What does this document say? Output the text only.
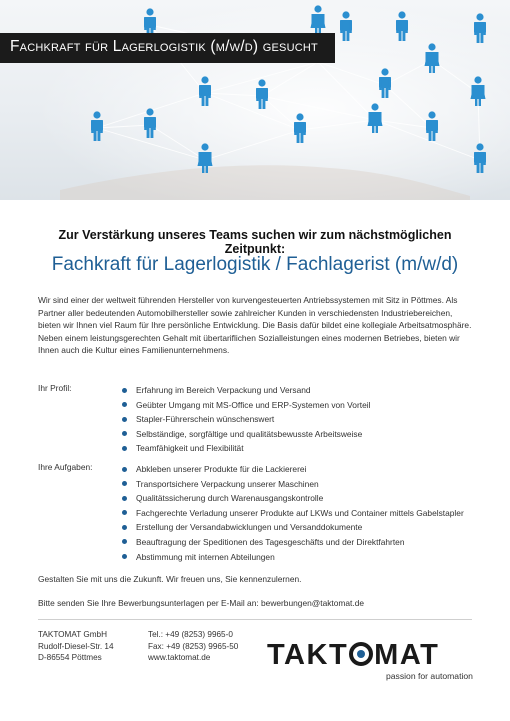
Fachkraft für Lagerlogistik (m/w/d) gesucht
Zur Verstärkung unseres Teams suchen wir zum nächstmöglichen Zeitpunkt:
Fachkraft für Lagerlogistik / Fachlagerist (m/w/d)
Wir sind einer der weltweit führenden Hersteller von kurvengesteuerten Antriebssystemen mit Sitz in Pöttmes. Als Partner aller bedeutenden Automobilhersteller sowie zahlreicher Kunden in verschiedensten Industriebereichen, bieten wir Ihnen viel Raum für Ihre persönliche Entwicklung. Die Basis dafür bildet eine kollegiale Arbeitsatmosphäre. Neben einem leistungsgerechten Gehalt mit übertariflichen Sozialleistungen eines modernen Betriebes, bieten wir Ihnen auch die Kultur eines Familienunternehmens.
Ihr Profil:	Erfahrung im Bereich Verpackung und Versand
Geübter Umgang mit MS-Office und ERP-Systemen von Vorteil
Stapler-Führerschein wünschenswert
Selbständige, sorgfältige und qualitätsbewusste Arbeitsweise
Teamfähigkeit und Flexibilität
Ihre Aufgaben:	Abkleben unserer Produkte für die Lackiererei
Transportsichere Verpackung unserer Maschinen
Qualitätssicherung durch Warenausgangskontrolle
Fachgerechte Verladung unserer Produkte auf LKWs und Container mittels Gabelstapler
Erstellung der Versandabwicklungen und Versanddokumente
Beauftragung der Speditionen des Tagesgeschäfts und der Direktfahrten
Abstimmung mit internen Abteilungen
Gestalten Sie mit uns die Zukunft. Wir freuen uns, Sie kennenzulernen.
Bitte senden Sie Ihre Bewerbungsunterlagen per E-Mail an: bewerbungen@taktomat.de
TAKTOMAT GmbH
Rudolf-Diesel-Str. 14
D-86554 Pöttmes
Tel.: +49 (8253) 9965-0
Fax: +49 (8253) 9965-50
www.taktomat.de	TAKT MAT
passion for automation
